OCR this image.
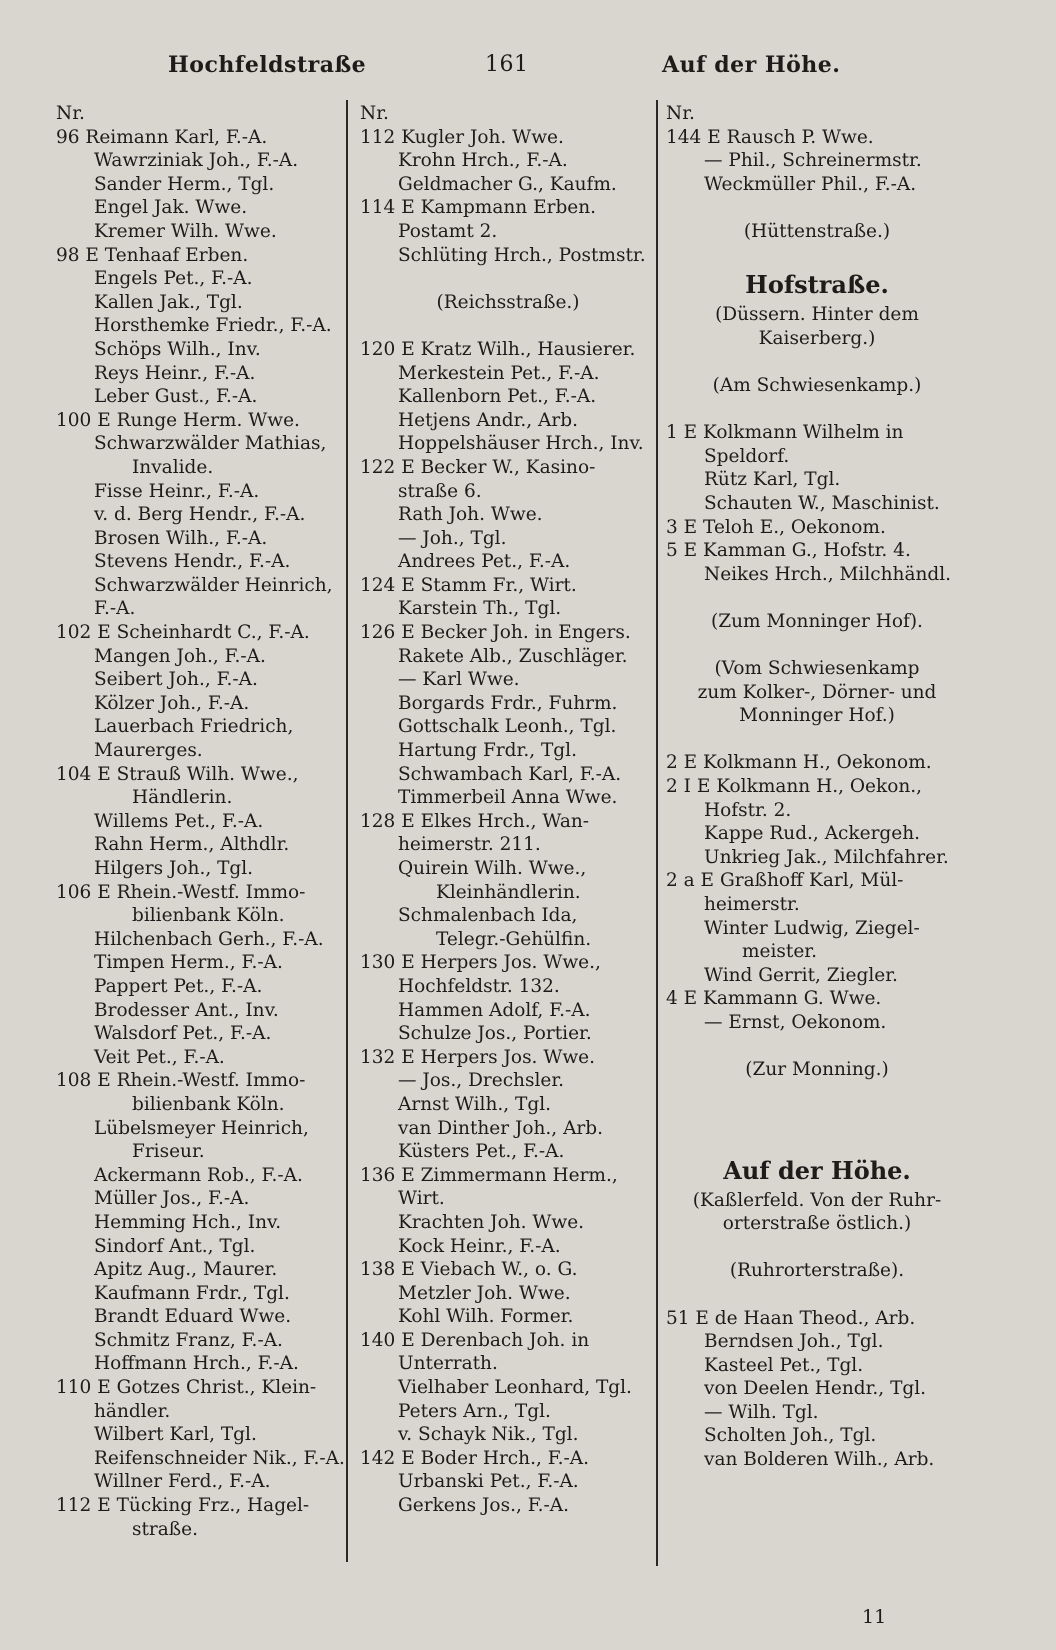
Hochfeldstraße	161	Auf der Höhe.
Nr.
96 Reimann Karl, F.-A.
Wawrziniak Joh., F.-A.
Sander Herm., Tgl.
Engel Jak. Wwe.
Kremer Wilh. Wwe.
98 E Tenhaaf Erben.
Engels Pet., F.-A.
Kallen Jak., Tgl.
Horsthemke Friedr., F.-A.
Schöps Wilh., Inv.
Reys Heinr., F.-A.
Leber Gust., F.-A.
100 E Runge Herm. Wwe.
Schwarzwälder Mathias,
Invalide.
Fisse Heinr., F.-A.
v. d. Berg Hendr., F.-A.
Brosen Wilh., F.-A.
Stevens Hendr., F.-A.
Schwarzwälder Heinrich,
F.-A.
102 E Scheinhardt C., F.-A.
Mangen Joh., F.-A.
Seibert Joh., F.-A.
Kölzer Joh., F.-A.
Lauerbach Friedrich,
Maurerges.
104 E Strauß Wilh. Wwe.,
Händlerin.
Willems Pet., F.-A.
Rahn Herm., Althdlr.
Hilgers Joh., Tgl.
106 E Rhein.-Westf. Immo-
bilienbank Köln.
Hilchenbach Gerh., F.-A.
Timpen Herm., F.-A.
Pappert Pet., F.-A.
Brodesser Ant., Inv.
Walsdorf Pet., F.-A.
Veit Pet., F.-A.
108 E Rhein.-Westf. Immo-
bilienbank Köln.
Lübelsmeyer Heinrich,
Friseur.
Ackermann Rob., F.-A.
Müller Jos., F.-A.
Hemming Hch., Inv.
Sindorf Ant., Tgl.
Apitz Aug., Maurer.
Kaufmann Frdr., Tgl.
Brandt Eduard Wwe.
Schmitz Franz, F.-A.
Hoffmann Hrch., F.-A.
110 E Gotzes Christ., Klein-
händler.
Wilbert Karl, Tgl.
Reifenschneider Nik., F.-A.
Willner Ferd., F.-A.
112 E Tücking Frz., Hagel-
straße.
Nr.
112 Kugler Joh. Wwe.
Krohn Hrch., F.-A.
Geldmacher G., Kaufm.
114 E Kampmann Erben.
Postamt 2.
Schlüting Hrch., Postmstr.
(Reichsstraße.)
120 E Kratz Wilh., Hausierer.
Merkestein Pet., F.-A.
Kallenborn Pet., F.-A.
Hetjens Andr., Arb.
Hoppelshäuser Hrch., Inv.
122 E Becker W., Kasino-
straße 6.
Rath Joh. Wwe.
— Joh., Tgl.
Andrees Pet., F.-A.
124 E Stamm Fr., Wirt.
Karstein Th., Tgl.
126 E Becker Joh. in Engers.
Rakete Alb., Zuschläger.
— Karl Wwe.
Borgards Frdr., Fuhrm.
Gottschalk Leonh., Tgl.
Hartung Frdr., Tgl.
Schwambach Karl, F.-A.
Timmerbeil Anna Wwe.
128 E Elkes Hrch., Wan-
heimerstr. 211.
Quirein Wilh. Wwe.,
Kleinhändlerin.
Schmalenbach Ida,
Telegr.-Gehülfin.
130 E Herpers Jos. Wwe.,
Hochfeldstr. 132.
Hammen Adolf, F.-A.
Schulze Jos., Portier.
132 E Herpers Jos. Wwe.
— Jos., Drechsler.
Arnst Wilh., Tgl.
van Dinther Joh., Arb.
Küsters Pet., F.-A.
136 E Zimmermann Herm.,
Wirt.
Krachten Joh. Wwe.
Kock Heinr., F.-A.
138 E Viebach W., o. G.
Metzler Joh. Wwe.
Kohl Wilh. Former.
140 E Derenbach Joh. in
Unterrath.
Vielhaber Leonhard, Tgl.
Peters Arn., Tgl.
v. Schayk Nik., Tgl.
142 E Boder Hrch., F.-A.
Urbanski Pet., F.-A.
Gerkens Jos., F.-A.
Nr.
144 E Rausch P. Wwe.
— Phil., Schreinermstr.
Weckmüller Phil., F.-A.
(Hüttenstraße.)
Hofstraße.
(Düssern. Hinter dem
Kaiserberg.)
(Am Schwiesenkamp.)
1 E Kolkmann Wilhelm in
Speldorf.
Rütz Karl, Tgl.
Schauten W., Maschinist.
3 E Teloh E., Oekonom.
5 E Kamman G., Hofstr. 4.
Neikes Hrch., Milchhändl.
(Zum Monninger Hof).
(Vom Schwiesenkamp
zum Kolker-, Dörner- und
Monninger Hof.)
2 E Kolkmann H., Oekonom.
2 I E Kolkmann H., Oekon.,
Hofstr. 2.
Kappe Rud., Ackergeh.
Unkrieg Jak., Milchfahrer.
2 a E Graßhoff Karl, Mül-
heimerstr.
Winter Ludwig, Ziegel-
meister.
Wind Gerrit, Ziegler.
4 E Kammann G. Wwe.
— Ernst, Oekonom.
(Zur Monning.)
Auf der Höhe.
(Kaßlerfeld. Von der Ruhr-
orterstraße östlich.)
(Ruhrorterstraße).
51 E de Haan Theod., Arb.
Berndsen Joh., Tgl.
Kasteel Pet., Tgl.
von Deelen Hendr., Tgl.
— Wilh. Tgl.
Scholten Joh., Tgl.
van Bolderen Wilh., Arb.
11
